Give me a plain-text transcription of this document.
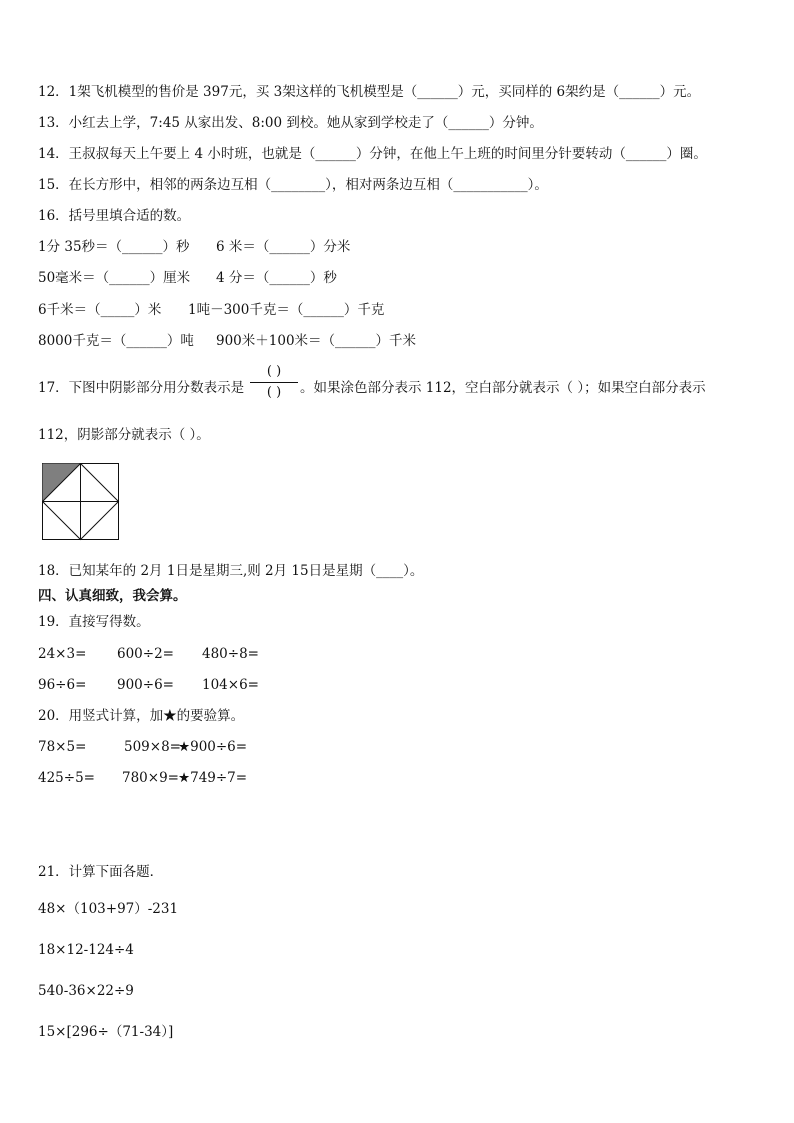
12．1架飞机模型的售价是 397元，买 3架这样的飞机模型是（______）元，买同样的 6架约是（______）元。
13．小红去上学，7:45 从家出发、8:00 到校。她从家到学校走了（______）分钟。
14．王叔叔每天上午要上 4 小时班，也就是（______）分钟，在他上午上班的时间里分针要转动（______）圈。
15．在长方形中，相邻的两条边互相（________），相对两条边互相（___________）。
16．括号里填合适的数。
1分 35秒＝（______）秒 6 米＝（______）分米
50毫米＝（______）厘米 4 分＝（______）秒
6千米＝（_____）米 1吨－300千克＝（______）千克
8000千克＝（______）吨 900米＋100米＝（______）千米
17．下图中阴影部分用分数表示是
( )
( )	。如果涂色部分表示 112，空白部分就表示（ ）；如果空白部分表示
112，阴影部分就表示（ ）。
18．已知某年的 2月 1日是星期三,则 2月 15日是星期（____）。
四、认真细致，我会算。
19．直接写得数。
24×3= 600÷2= 480÷8=
96÷6= 900÷6= 104×6=
20．用竖式计算，加★的要验算。
78×5=	509×8=
★900÷6=
425÷5= 780×9= ★749÷7=
21．计算下面各题．
48×（103+97）-231
18×12-124÷4
540-36×22÷9
15×[296÷（71-34）]
